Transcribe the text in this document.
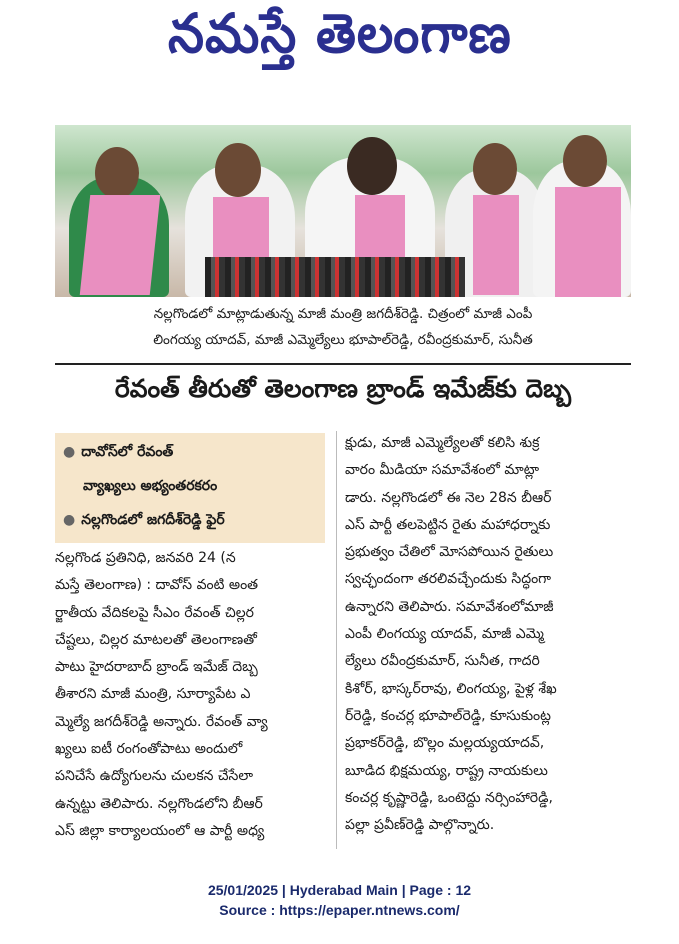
నమస్తే తెలంగాణ
నల్లగొండలో మాట్లాడుతున్న మాజీ మంత్రి జగదీశ్‌రెడ్డి. చిత్రంలో మాజీ ఎంపీ
లింగయ్య యాదవ్, మాజీ ఎమ్మెల్యేలు భూపాల్‌రెడ్డి, రవీంద్రకుమార్, సునీత
రేవంత్ తీరుతో తెలంగాణ బ్రాండ్ ఇమేజ్‌కు దెబ్బ
● దావోస్‌లో రేవంత్
వ్యాఖ్యలు అభ్యంతరకరం
● నల్లగొండలో జగదీశ్‌రెడ్డి ఫైర్
నల్లగొండ ప్రతినిధి, జనవరి 24 (న
మస్తే తెలంగాణ) : దావోస్ వంటి అంత
ర్జాతీయ వేదికలపై సీఎం రేవంత్ చిల్లర
చేష్టలు, చిల్లర మాటలతో తెలంగాణతో
పాటు హైదరాబాద్ బ్రాండ్ ఇమేజ్ దెబ్బ
తీశారని మాజీ మంత్రి, సూర్యాపేట ఎ
మ్మెల్యే జగదీశ్‌రెడ్డి అన్నారు. రేవంత్ వ్యా
ఖ్యలు ఐటీ రంగంతోపాటు అందులో
పనిచేసే ఉద్యోగులను చులకన చేసేలా
ఉన్నట్టు తెలిపారు. నల్లగొండలోని బీఆర్
ఎస్ జిల్లా కార్యాలయంలో ఆ పార్టీ అధ్య
క్షుడు, మాజీ ఎమ్మెల్యేలతో కలిసి శుక్ర
వారం మీడియా సమావేశంలో మాట్లా
డారు. నల్లగొండలో ఈ నెల 28న బీఆర్
ఎస్ పార్టీ తలపెట్టిన రైతు మహాధర్నాకు
ప్రభుత్వం చేతిలో మోసపోయిన రైతులు
స్వచ్ఛందంగా తరలివచ్చేందుకు సిద్ధంగా
ఉన్నారని తెలిపారు. సమావేశంలోమాజీ
ఎంపీ లింగయ్య యాదవ్, మాజీ ఎమ్మె
ల్యేలు రవీంద్రకుమార్, సునీత, గాదరి
కిశోర్, భాస్కర్‌రావు, లింగయ్య, పైళ్ల శేఖ
ర్‌రెడ్డి, కంచర్ల భూపాల్‌రెడ్డి, కూసుకుంట్ల
ప్రభాకర్‌రెడ్డి, బొల్లం మల్లయ్యయాదవ్,
బూడిద భిక్షమయ్య, రాష్ట్ర నాయకులు
కంచర్ల కృష్ణారెడ్డి, ఒంటెద్దు నర్సింహారెడ్డి,
పల్లా ప్రవీణ్‌రెడ్డి పాల్గొన్నారు.
25/01/2025 | Hyderabad Main | Page : 12
Source : https://epaper.ntnews.com/
